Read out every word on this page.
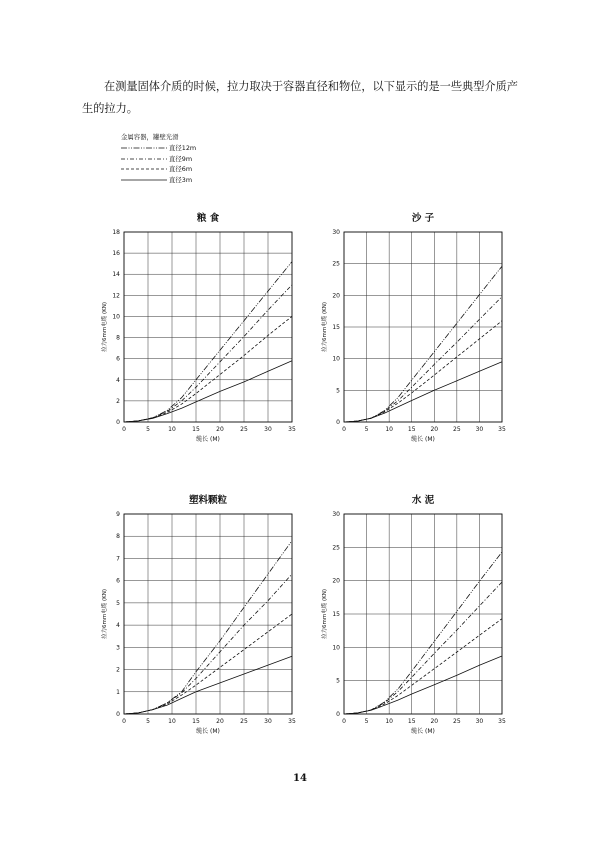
在测量固体介质的时候，拉力取决于容器直径和物位，以下显示的是一些典型介质产生的拉力。

金属容器，罐壁光滑
直径12m
直径9m
直径6m
直径3m
粮 食
0	5	10	15	20	25	30	35
0
2
4
6
8
10
12
14
16
18
缆长 (M)
拉力6mm电缆 (KN)
沙 子
0	5	10 15 20 25 30 35
0
5
10
15
20
25
30
缆长 (M)
拉力6mm电缆 (KN)
塑料颗粒
0	5	10	15	20	25	30	35
0
1
2
3
4
5
6
7
8
9
缆长 (M)
拉力6mm电缆 (KN)
水 泥
0	5	10 15 20 25 30 35
0
5
10
15
20
25
30
缆长 (M)
拉力6mm电缆 (KN)
14
